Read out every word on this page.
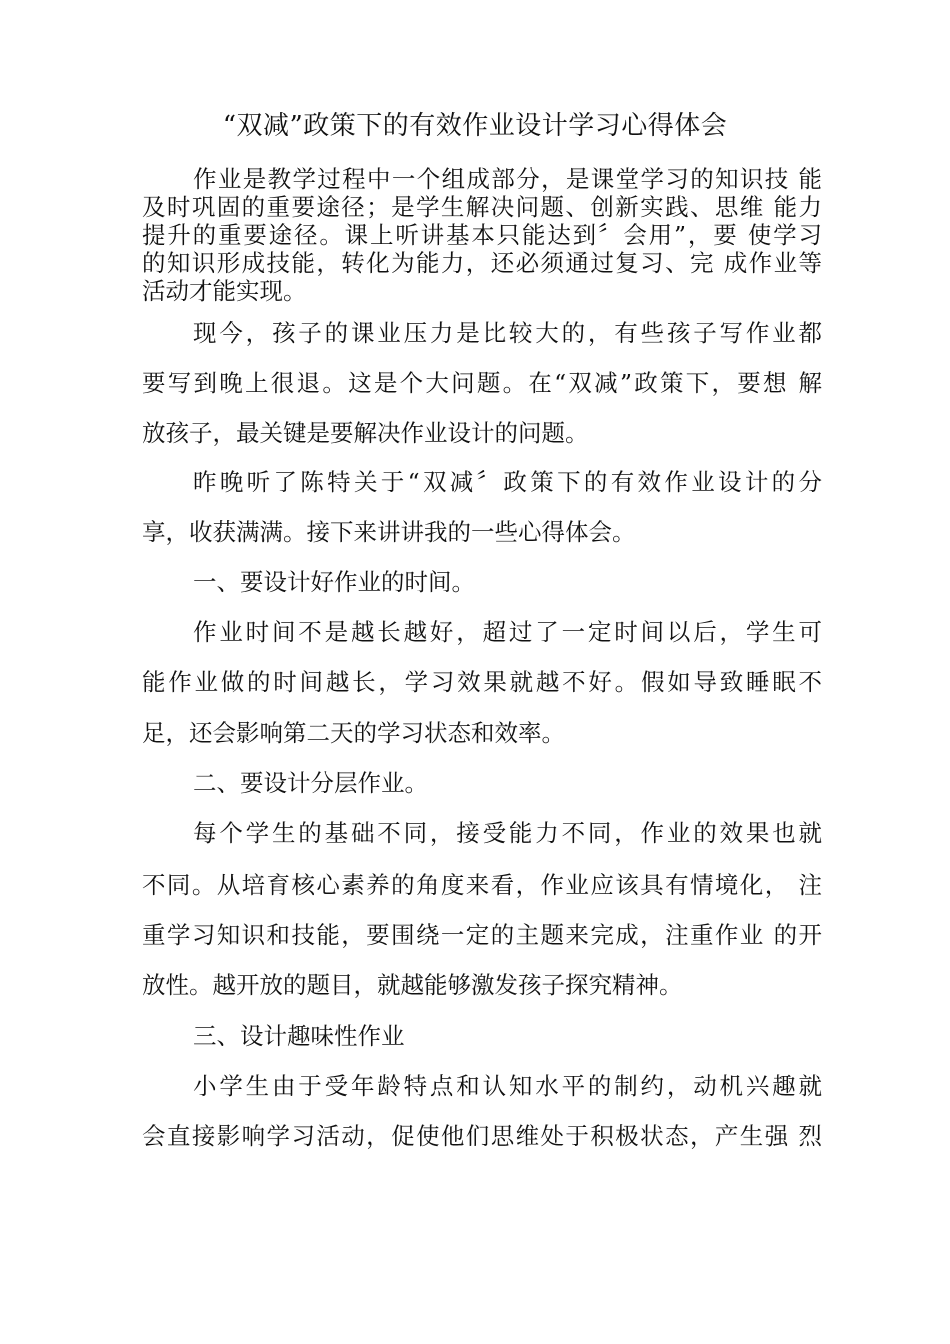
“双减”政策下的有效作业设计学习心得体会
作业是教学过程中一个组成部分，是课堂学习的知识技 能
及时巩固的重要途径；是学生解决问题、创新实践、思维 能力
提升的重要途径。课上听讲基本只能达到〞会用”，要 使学习
的知识形成技能，转化为能力，还必须通过复习、完 成作业等
活动才能实现。
现今，孩子的课业压力是比较大的，有些孩子写作业都
要写到晚上很退。这是个大问题。在“双减”政策下，要想 解
放孩子，最关键是要解决作业设计的问题。
昨晚听了陈特关于“双减〞政策下的有效作业设计的分
享，收获满满。接下来讲讲我的一些心得体会。
一、要设计好作业的时间。
作业时间不是越长越好，超过了一定时间以后，学生可
能作业做的时间越长，学习效果就越不好。假如导致睡眠不
足，还会影响第二天的学习状态和效率。
二、要设计分层作业。
每个学生的基础不同，接受能力不同，作业的效果也就
不同。从培育核心素养的角度来看，作业应该具有情境化， 注
重学习知识和技能，要围绕一定的主题来完成，注重作业 的开
放性。越开放的题目，就越能够激发孩子探究精神。
三、设计趣味性作业
小学生由于受年龄特点和认知水平的制约，动机兴趣就
会直接影响学习活动，促使他们思维处于积极状态，产生强 烈
